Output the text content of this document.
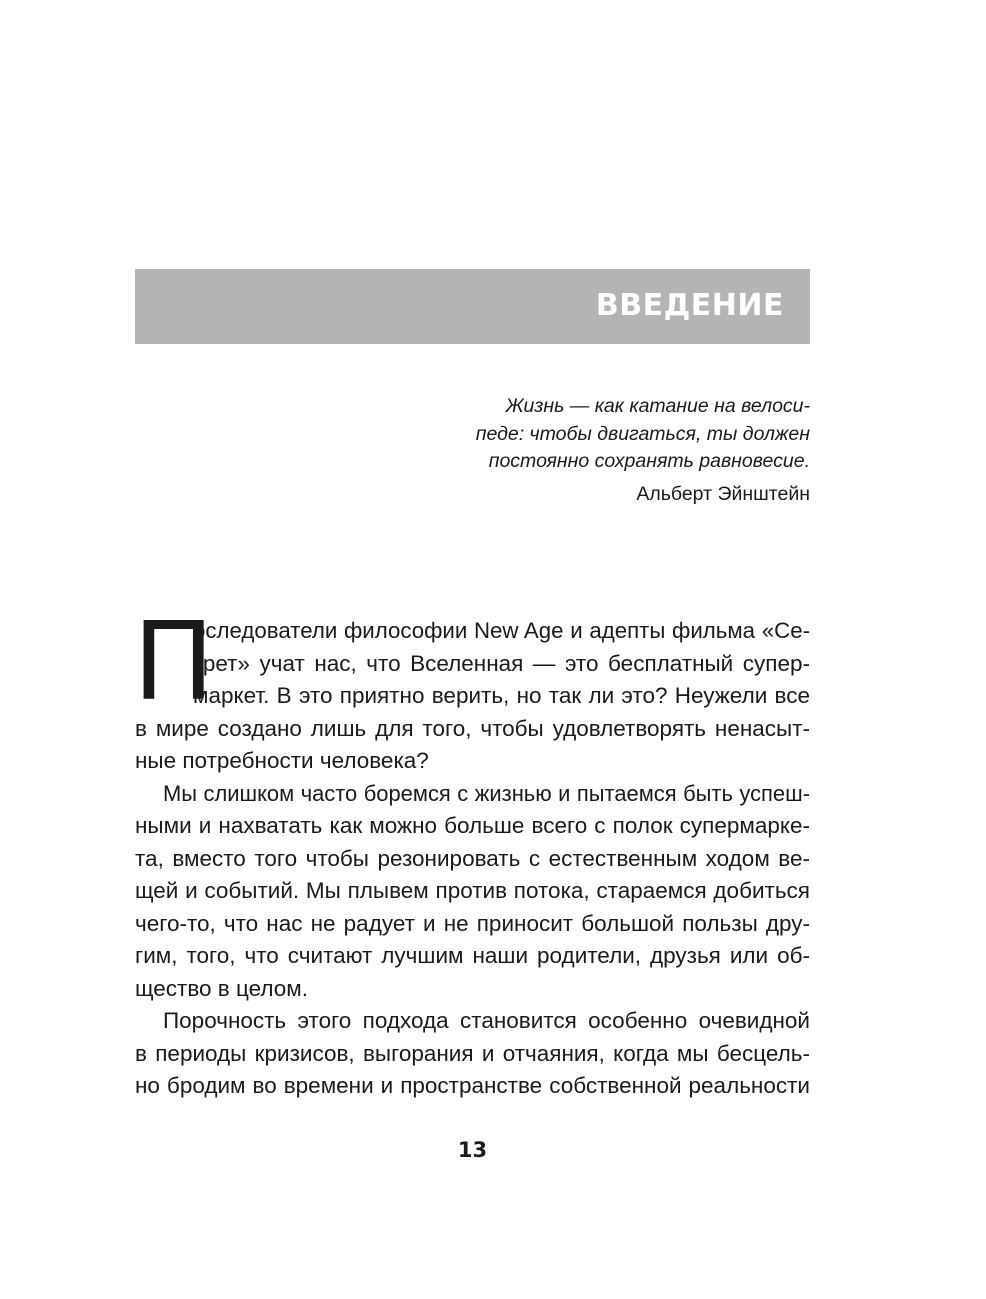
ВВЕДЕНИЕ
Жизнь — как катание на велоси-
педе: чтобы двигаться, ты должен
постоянно сохранять равновесие.
Альберт Эйнштейн
П
оследователи философии New Age и адепты фильма «Се-
крет» учат нас, что Вселенная — это бесплатный супер-
маркет. В это приятно верить, но так ли это? Неужели все
в мире создано лишь для того, чтобы удовлетворять ненасыт-
ные потребности человека?
Мы слишком часто боремся с жизнью и пытаемся быть успеш-
ными и нахватать как можно больше всего с полок супермарке-
та, вместо того чтобы резонировать с естественным ходом ве-
щей и событий. Мы плывем против потока, стараемся добиться
чего-то, что нас не радует и не приносит большой пользы дру-
гим, того, что считают лучшим наши родители, друзья или об-
щество в целом.
Порочность этого подхода становится особенно очевидной
в периоды кризисов, выгорания и отчаяния, когда мы бесцель-
но бродим во времени и пространстве собственной реальности
13
